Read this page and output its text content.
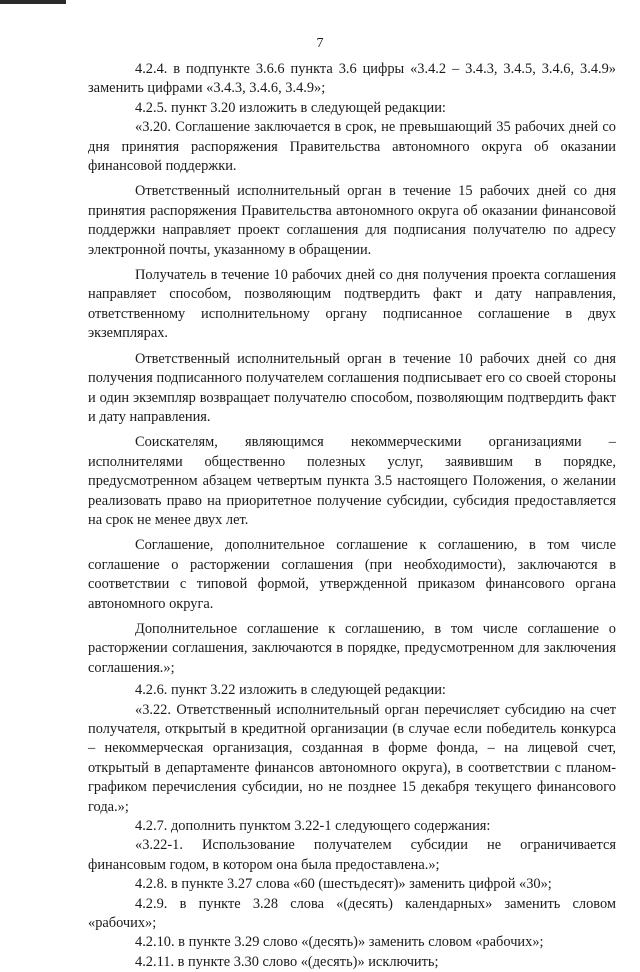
7

4.2.4. в подпункте 3.6.6 пункта 3.6 цифры «3.4.2 – 3.4.3, 3.4.5, 3.4.6, 3.4.9» заменить цифрами «3.4.3, 3.4.6, 3.4.9»;

4.2.5. пункт 3.20 изложить в следующей редакции:

«3.20. Соглашение заключается в срок, не превышающий 35 рабочих дней со дня принятия распоряжения Правительства автономного округа об оказании финансовой поддержки.

Ответственный исполнительный орган в течение 15 рабочих дней со дня принятия распоряжения Правительства автономного округа об оказании финансовой поддержки направляет проект соглашения для подписания получателю по адресу электронной почты, указанному в обращении.

Получатель в течение 10 рабочих дней со дня получения проекта соглашения направляет способом, позволяющим подтвердить факт и дату направления, ответственному исполнительному органу подписанное соглашение в двух экземплярах.

Ответственный исполнительный орган в течение 10 рабочих дней со дня получения подписанного получателем соглашения подписывает его со своей стороны и один экземпляр возвращает получателю способом, позволяющим подтвердить факт и дату направления.

Соискателям, являющимся некоммерческими организациями – исполнителями общественно полезных услуг, заявившим в порядке, предусмотренном абзацем четвертым пункта 3.5 настоящего Положения, о желании реализовать право на приоритетное получение субсидии, субсидия предоставляется на срок не менее двух лет.

Соглашение, дополнительное соглашение к соглашению, в том числе соглашение о расторжении соглашения (при необходимости), заключаются в соответствии с типовой формой, утвержденной приказом финансового органа автономного округа.

Дополнительное соглашение к соглашению, в том числе соглашение о расторжении соглашения, заключаются в порядке, предусмотренном для заключения соглашения.»;

4.2.6. пункт 3.22 изложить в следующей редакции:

«3.22. Ответственный исполнительный орган перечисляет субсидию на счет получателя, открытый в кредитной организации (в случае если победитель конкурса – некоммерческая организация, созданная в форме фонда, – на лицевой счет, открытый в департаменте финансов автономного округа), в соответствии с планом-графиком перечисления субсидии, но не позднее 15 декабря текущего финансового года.»;

4.2.7. дополнить пунктом 3.22-1 следующего содержания:

«3.22-1. Использование получателем субсидии не ограничивается финансовым годом, в котором она была предоставлена.»;

4.2.8. в пункте 3.27 слова «60 (шестьдесят)» заменить цифрой «30»;

4.2.9. в пункте 3.28 слова «(десять) календарных» заменить словом «рабочих»;

4.2.10. в пункте 3.29 слово «(десять)» заменить словом «рабочих»;

4.2.11. в пункте 3.30 слово «(десять)» исключить;
